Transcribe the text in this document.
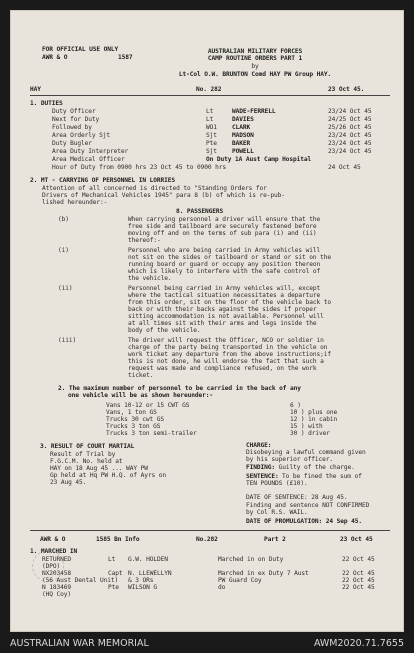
FOR OFFICIAL USE ONLY
AWR & O	1587
AUSTRALIAN MILITARY FORCES
CAMP ROUTINE ORDERS PART 1
by
Lt-Col O.W. BRUNTON Comd HAY PW Group HAY.
HAY	No. 282	23 Oct 45.
1. DUTIES
Duty Officer	Lt	WADE-FERRELL	23/24 Oct 45
Next for Duty	Lt	DAVIES	24/25 Oct 45
Followed by	WO1 CLARK	25/26 Oct 45
Area Orderly Sjt	Sjt MADSON	23/24 Oct 45
Duty Bugler	Pte BAKER	23/24 Oct 45
Area Duty Interpreter	Sjt POWELL	23/24 Oct 45
Area Medical Officer	On Duty 1A Aust Camp Hospital
Hour of Duty from 0900 hrs 23 Oct 45 to 0900 hrs	24 Oct 45
2. MT - CARRYING OF PERSONNEL IN LORRIES
Attention of all concerned is directed to "Standing Orders for
Drivers of Mechanical Vehicles 1945" para 8 (b) of which is re-pub-
lished hereunder:-
8. PASSENGERS
(b)	When carrying personnel a driver will ensure that the
free side and tailboard are securely fastened before
moving off and on the terms of sub para (i) and (ii)
thereof:-
(i)	Personnel who are being carried in Army vehicles will
not sit on the sides or tailboard or stand or sit on the
running board or guard or occupy any position thereon
which is likely to interfere with the safe control of
the vehicle.
(ii)	Personnel being carried in Army vehicles will, except
where the tactical situation necessitates a departure
from this order, sit on the floor of the vehicle back to
back or with their backs against the sides if proper
sitting accommodation is not available. Personnel will
at all times sit with their arms and legs inside the
body of the vehicle.
(iii)	The driver will request the Officer, NCO or soldier in
charge of the party being transported in the vehicle on
work ticket any departure from the above instructions;if
this is not done, he will endorse the fact that such a
request was made and compliance refused, on the work
ticket.
2. The maximum number of personnel to be carried in the back of any
one vehicle will be as shown hereunder:-
Vans 10-12 or 15 CWT GS	6 )
Vans, 1 ton GS	10 ) plus one
Trucks 30 cwt GS	12 ) in cabin
Trucks 3 ton GS	15 ) with
Trucks 3 ton semi-trailer	30 ) driver
3. RESULT OF COURT MARTIAL
Result of Trial by
F.G.C.M. No. held at
HAY on 18 Aug 45 ... WAY PW
Gp held at Hq PW H.Q. of Ayrs on
23 Aug 45.
CHARGE:
Disobeying a lawful command given
by his superior officer.
FINDING: Guilty of the charge.
SENTENCE: To be fined the sum of
TEN POUNDS (£10).
DATE OF SENTENCE: 28 Aug 45.
Finding and sentence NOT CONFIRMED
by Col R.S. WAIL.
DATE OF PROMULGATION: 24 Sep 45.
AWR & O	1585 Bn Info	No.282	Part 2	23 Oct 45
1. MARCHED IN
RETURNED	Lt G.W. HOLDEN	Marched in on Duty	22 Oct 45
(DPO)
NX203458	Capt N. LLEWELLYN	Marched in ex Duty 7 Aust	22 Oct 45
(56 Aust Dental Unit) & 3 ORs	PW Guard Coy	22 Oct 45
N 183469	Pte WILSON G	do	22 Oct 45
(HQ Coy)
AUSTRALIAN WAR MEMORIAL	AWM2020.71.7655
